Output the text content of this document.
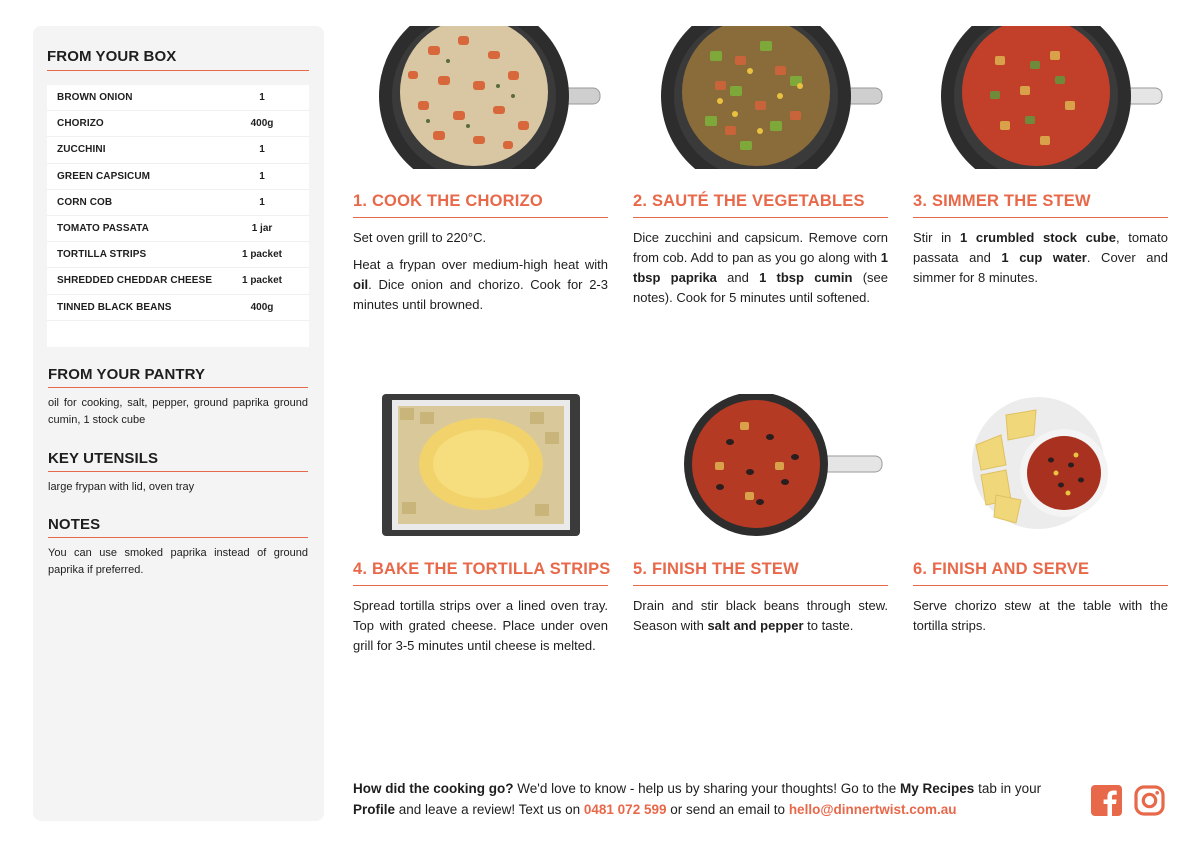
FROM YOUR BOX
BROWN ONION	1
CHORIZO	400g
ZUCCHINI	1
GREEN CAPSICUM	1
CORN COB	1
TOMATO PASSATA	1 jar
TORTILLA STRIPS	1 packet
SHREDDED CHEDDAR CHEESE	1 packet
TINNED BLACK BEANS	400g
FROM YOUR PANTRY
oil for cooking, salt, pepper, ground paprika ground cumin, 1 stock cube
KEY UTENSILS
large frypan with lid, oven tray
NOTES
You can use smoked paprika instead of ground paprika if preferred.
1. COOK THE CHORIZO

Set oven grill to 220°C.

Heat a frypan over medium-high heat with oil. Dice onion and chorizo. Cook for 2-3 minutes until browned.

2. SAUTÉ THE VEGETABLES

Dice zucchini and capsicum. Remove corn from cob. Add to pan as you go along with 1 tbsp paprika and 1 tbsp cumin (see notes). Cook for 5 minutes until softened.

3. SIMMER THE STEW

Stir in 1 crumbled stock cube, tomato passata and 1 cup water. Cover and simmer for 8 minutes.

4. BAKE THE TORTILLA STRIPS

Spread tortilla strips over a lined oven tray. Top with grated cheese. Place under oven grill for 3-5 minutes until cheese is melted.

5. FINISH THE STEW

Drain and stir black beans through stew. Season with salt and pepper to taste.

6. FINISH AND SERVE

Serve chorizo stew at the table with the tortilla strips.

How did the cooking go? We'd love to know - help us by sharing your thoughts! Go to the My Recipes tab in your Profile and leave a review! Text us on 0481 072 599 or send an email to hello@dinnertwist.com.au
